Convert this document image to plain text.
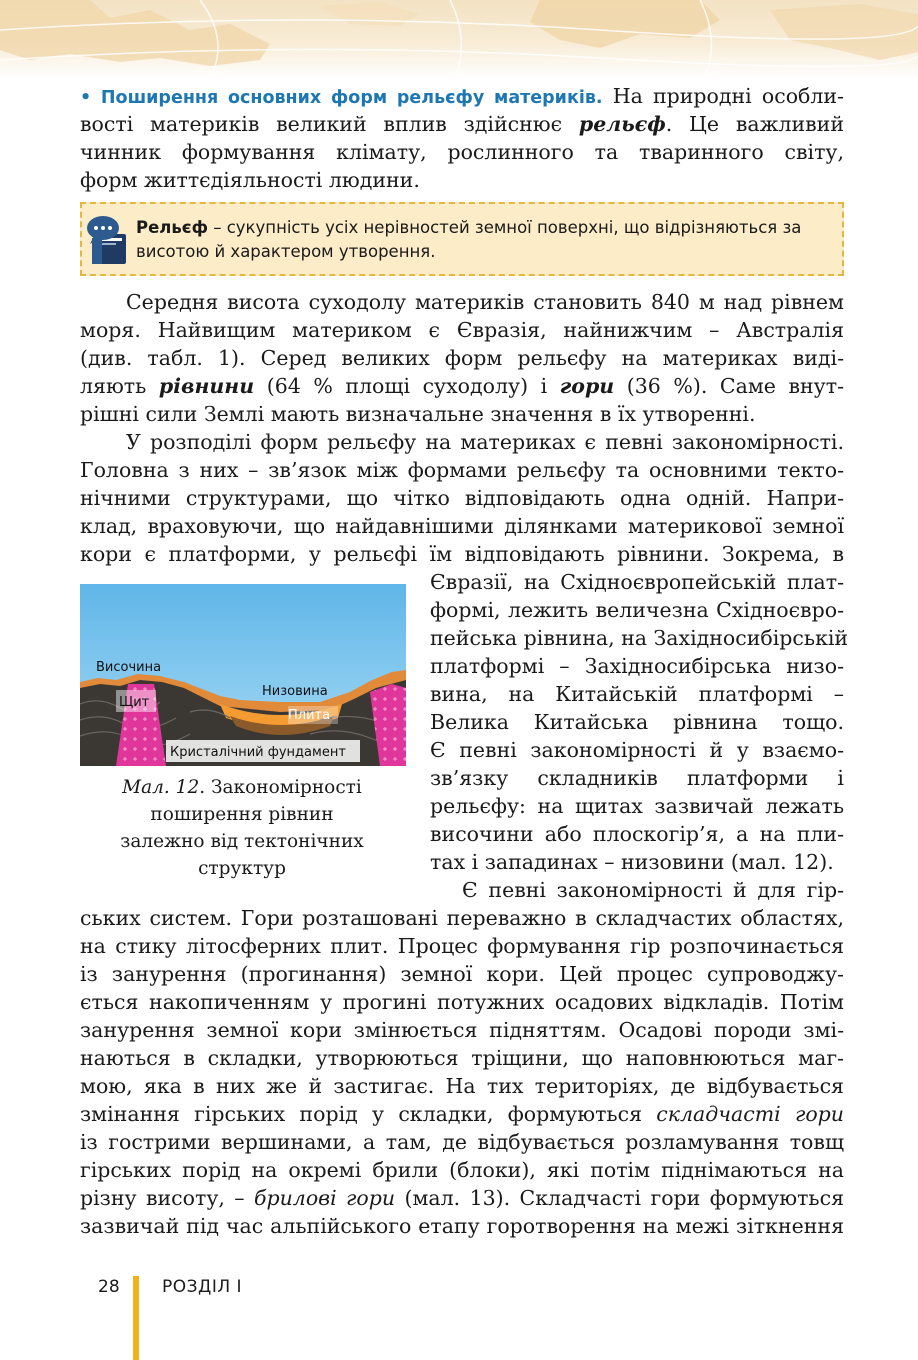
• Поширення основних форм рельєфу материків. На природні особли-
вості материків великий вплив здійснює рельєф. Це важливий
чинник формування клімату, рослинного та тваринного світу,
форм життєдіяльності людини.
Рельєф – сукупність усіх нерівностей земної поверхні, що відрізняються за висотою й характером утворення.
Середня висота суходолу материків становить 840 м над рівнем
моря. Найвищим материком є Євразія, найнижчим – Австралія
(див. табл. 1). Серед великих форм рельєфу на материках виді-
ляють рівнини (64 % площі суходолу) і гори (36 %). Саме внут-
рішні сили Землі мають визначальне значення в їх утворенні.
У розподілі форм рельєфу на материках є певні закономірності.
Головна з них – зв’язок між формами рельєфу та основними текто-
нічними структурами, що чітко відповідають одна одній. Напри-
клад, враховуючи, що найдавнішими ділянками материкової земної
кори є платформи, у рельєфі їм відповідають рівнини. Зокрема, в
Євразії, на Східноєвропейській плат-
формі, лежить величезна Східноєвро-
пейська рівнина, на Західносибірській
платформі – Західносибірська низо-
вина, на Китайській платформі –
Велика Китайська рівнина тощо.
Є певні закономірності й у взаємо-
зв’язку складників платформи і
рельєфу: на щитах зазвичай лежать
височини або плоскогір’я, а на пли-
тах і западинах – низовини (мал. 12).
Височина
Щит
Низовина
Плита
Кристалічний фундамент
Мал. 12. Закономірності
поширення рівнин
залежно від тектонічних
структур
Є певні закономірності й для гір-
ських систем. Гори розташовані переважно в складчастих областях,
на стику літосферних плит. Процес формування гір розпочинається
із занурення (прогинання) земної кори. Цей процес супроводжу-
ється накопиченням у прогині потужних осадових відкладів. Потім
занурення земної кори змінюється підняттям. Осадові породи змі-
наються в складки, утворюються тріщини, що наповнюються маг-
мою, яка в них же й застигає. На тих територіях, де відбувається
змінання гірських порід у складки, формуються складчасті гори
із гострими вершинами, а там, де відбувається розламування товщ
гірських порід на окремі брили (блоки), які потім піднімаються на
різну висоту, – брилові гори (мал. 13). Складчасті гори формуються
зазвичай під час альпійського етапу горотворення на межі зіткнення
28 РОЗДІЛ І
